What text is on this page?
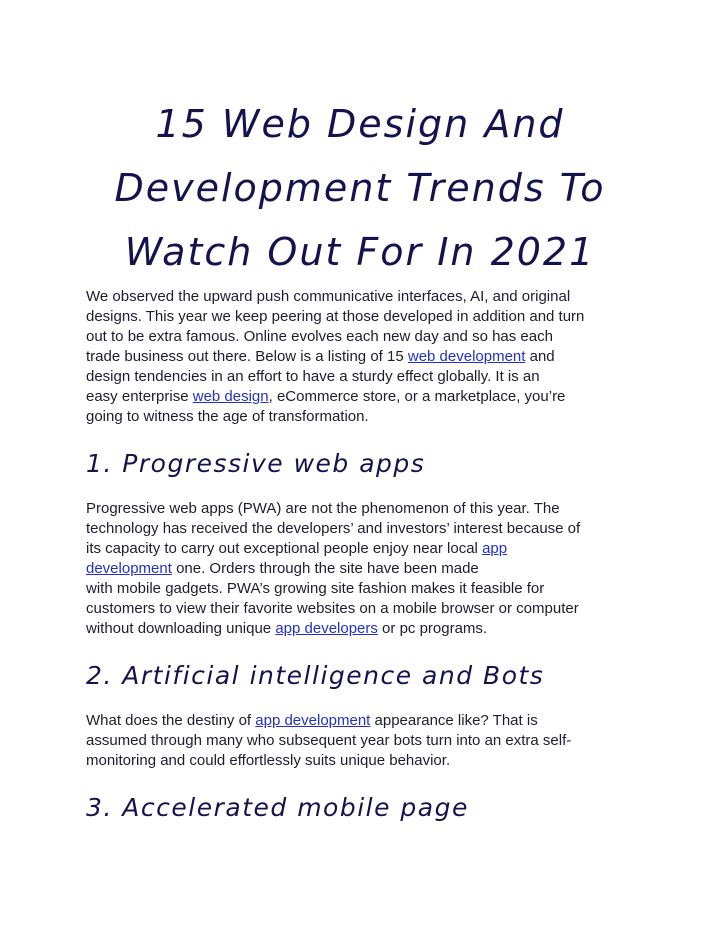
15 Web Design And
Development Trends To
Watch Out For In 2021

We observed the upward push communicative interfaces, AI, and original
designs. This year we keep peering at those developed in addition and turn
out to be extra famous. Online evolves each new day and so has each
trade business out there. Below is a listing of 15 web development and
design tendencies in an effort to have a sturdy effect globally. It is an
easy enterprise web design, eCommerce store, or a marketplace, you’re
going to witness the age of transformation.

1. Progressive web apps

Progressive web apps (PWA) are not the phenomenon of this year. The
technology has received the developers’ and investors’ interest because of
its capacity to carry out exceptional people enjoy near local app
development one. Orders through the site have been made
with mobile gadgets. PWA’s growing site fashion makes it feasible for
customers to view their favorite websites on a mobile browser or computer
without downloading unique app developers or pc programs.

2. Artificial intelligence and Bots

What does the destiny of app development appearance like? That is
assumed through many who subsequent year bots turn into an extra self-
monitoring and could effortlessly suits unique behavior.

3. Accelerated mobile page
